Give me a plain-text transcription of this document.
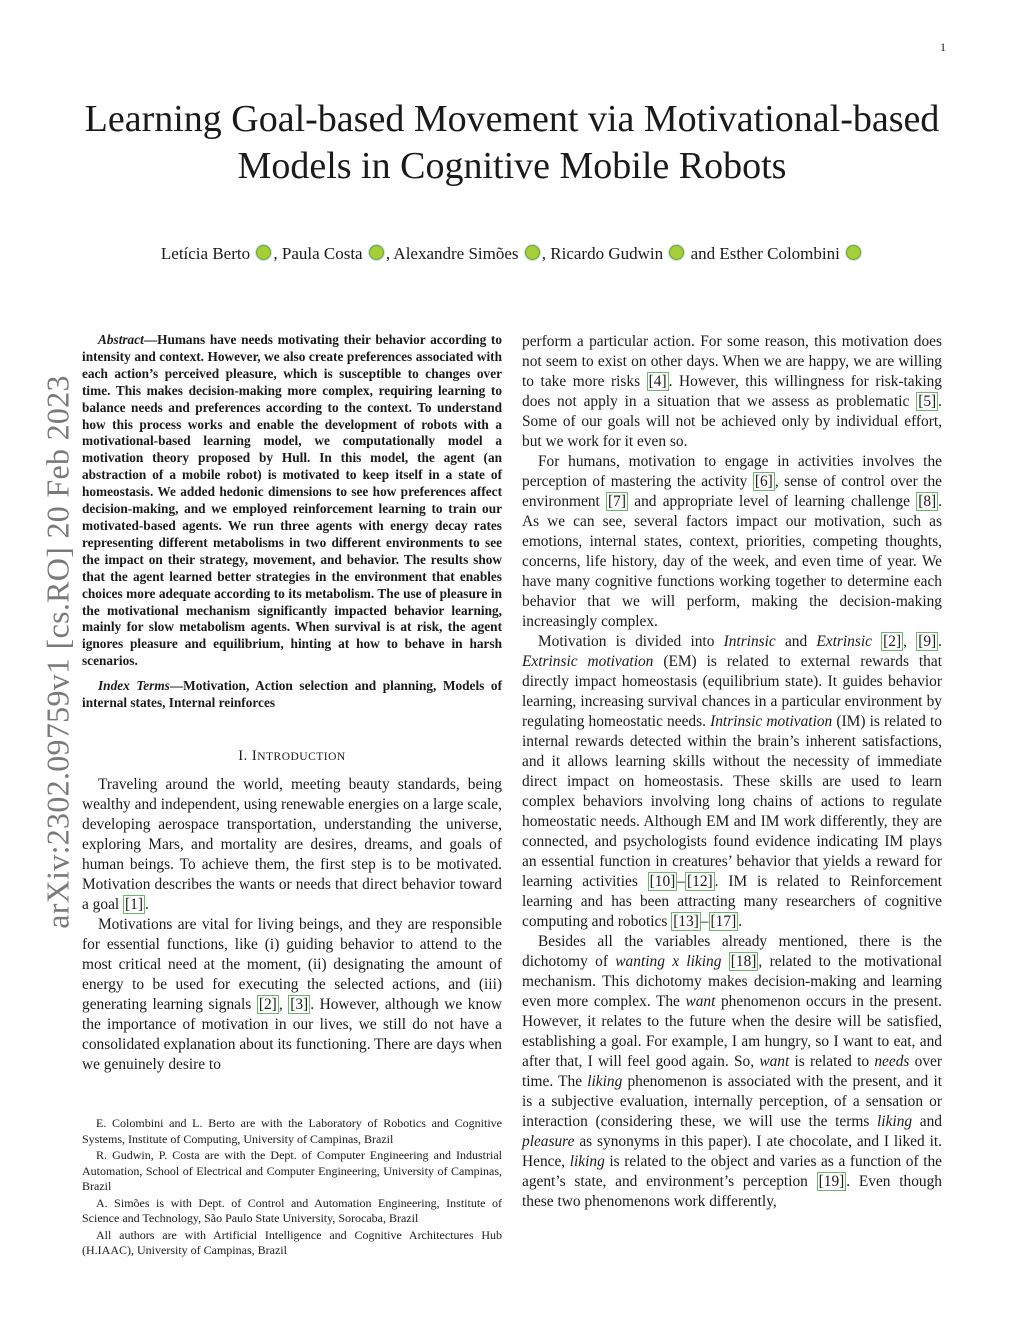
1
arXiv:2302.09759v1 [cs.RO] 20 Feb 2023
Learning Goal-based Movement via Motivational-based Models in Cognitive Mobile Robots
Letícia Berto , Paula Costa , Alexandre Simões , Ricardo Gudwin  and Esther Colombini

Abstract—Humans have needs motivating their behavior according to intensity and context. However, we also create preferences associated with each action’s perceived pleasure, which is susceptible to changes over time. This makes decision-making more complex, requiring learning to balance needs and preferences according to the context. To understand how this process works and enable the development of robots with a motivational-based learning model, we computationally model a motivation theory proposed by Hull. In this model, the agent (an abstraction of a mobile robot) is motivated to keep itself in a state of homeostasis. We added hedonic dimensions to see how preferences affect decision-making, and we employed reinforcement learning to train our motivated-based agents. We run three agents with energy decay rates representing different metabolisms in two different environments to see the impact on their strategy, movement, and behavior. The results show that the agent learned better strategies in the environment that enables choices more adequate according to its metabolism. The use of pleasure in the motivational mechanism significantly impacted behavior learning, mainly for slow metabolism agents. When survival is at risk, the agent ignores pleasure and equilibrium, hinting at how to behave in harsh scenarios.

Index Terms—Motivation, Action selection and planning, Models of internal states, Internal reinforces

I. INTRODUCTION

Traveling around the world, meeting beauty standards, being wealthy and independent, using renewable energies on a large scale, developing aerospace transportation, understanding the universe, exploring Mars, and mortality are desires, dreams, and goals of human beings. To achieve them, the first step is to be motivated. Motivation describes the wants or needs that direct behavior toward a goal [1] .

Motivations are vital for living beings, and they are responsible for essential functions, like (i) guiding behavior to attend to the most critical need at the moment, (ii) designating the amount of energy to be used for executing the selected actions, and (iii) generating learning signals [2] , [3] . However, although we know the importance of motivation in our lives, we still do not have a consolidated explanation about its functioning. There are days when we genuinely desire to

E. Colombini and L. Berto are with the Laboratory of Robotics and Cognitive Systems, Institute of Computing, University of Campinas, Brazil

R. Gudwin, P. Costa are with the Dept. of Computer Engineering and Industrial Automation, School of Electrical and Computer Engineering, University of Campinas, Brazil

A. Simões is with Dept. of Control and Automation Engineering, Institute of Science and Technology, São Paulo State University, Sorocaba, Brazil

All authors are with Artificial Intelligence and Cognitive Architectures Hub (H.IAAC), University of Campinas, Brazil

perform a particular action. For some reason, this motivation does not seem to exist on other days. When we are happy, we are willing to take more risks [4] . However, this willingness for risk-taking does not apply in a situation that we assess as problematic [5] . Some of our goals will not be achieved only by individual effort, but we work for it even so.

For humans, motivation to engage in activities involves the perception of mastering the activity [6] , sense of control over the environment [7] and appropriate level of learning challenge [8] . As we can see, several factors impact our motivation, such as emotions, internal states, context, priorities, competing thoughts, concerns, life history, day of the week, and even time of year. We have many cognitive functions working together to determine each behavior that we will perform, making the decision-making increasingly complex.

Motivation is divided into Intrinsic and Extrinsic [2] , [9] . Extrinsic motivation (EM) is related to external rewards that directly impact homeostasis (equilibrium state). It guides behavior learning, increasing survival chances in a particular environment by regulating homeostatic needs. Intrinsic motivation (IM) is related to internal rewards detected within the brain’s inherent satisfactions, and it allows learning skills without the necessity of immediate direct impact on homeostasis. These skills are used to learn complex behaviors involving long chains of actions to regulate homeostatic needs. Although EM and IM work differently, they are connected, and psychologists found evidence indicating IM plays an essential function in creatures’ behavior that yields a reward for learning activities [10] – [12] . IM is related to Reinforcement learning and has been attracting many researchers of cognitive computing and robotics [13] – [17] .

Besides all the variables already mentioned, there is the dichotomy of wanting x liking [18] , related to the motivational mechanism. This dichotomy makes decision-making and learning even more complex. The want phenomenon occurs in the present. However, it relates to the future when the desire will be satisfied, establishing a goal. For example, I am hungry, so I want to eat, and after that, I will feel good again. So, want is related to needs over time. The liking phenomenon is associated with the present, and it is a subjective evaluation, internally perception, of a sensation or interaction (considering these, we will use the terms liking and pleasure as synonyms in this paper). I ate chocolate, and I liked it. Hence, liking is related to the object and varies as a function of the agent’s state, and environment’s perception [19] . Even though these two phenomenons work differently,
